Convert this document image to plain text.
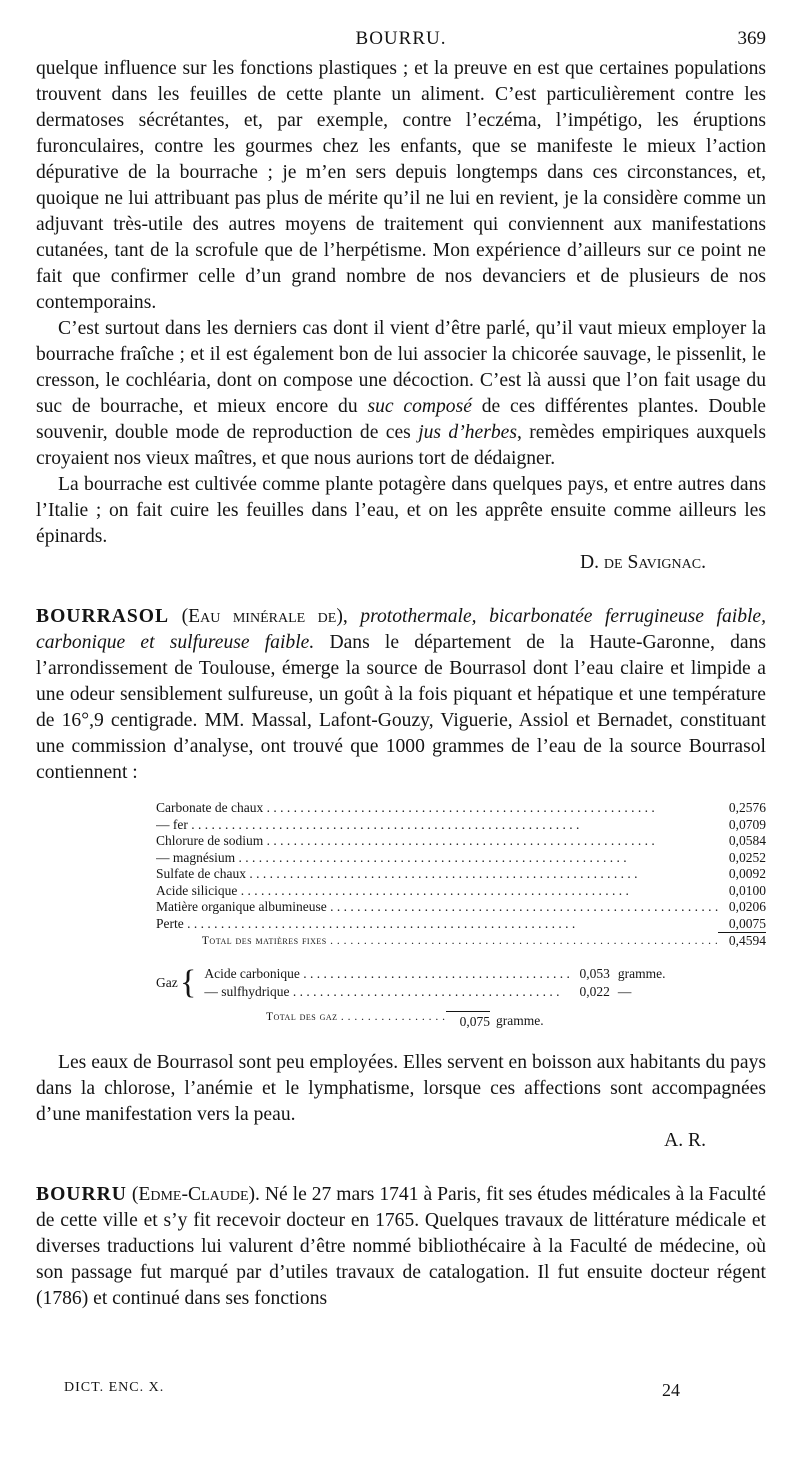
BOURRU.	369

quelque influence sur les fonctions plastiques ; et la preuve en est que certaines populations trouvent dans les feuilles de cette plante un aliment. C’est particulièrement contre les dermatoses sécrétantes, et, par exemple, contre l’eczéma, l’impétigo, les éruptions furonculaires, contre les gourmes chez les enfants, que se manifeste le mieux l’action dépurative de la bourrache ; je m’en sers depuis longtemps dans ces circonstances, et, quoique ne lui attribuant pas plus de mérite qu’il ne lui en revient, je la considère comme un adjuvant très-utile des autres moyens de traitement qui conviennent aux manifestations cutanées, tant de la scrofule que de l’herpétisme. Mon expérience d’ailleurs sur ce point ne fait que confirmer celle d’un grand nombre de nos devanciers et de plusieurs de nos contemporains.

C’est surtout dans les derniers cas dont il vient d’être parlé, qu’il vaut mieux employer la bourrache fraîche ; et il est également bon de lui associer la chicorée sauvage, le pissenlit, le cresson, le cochléaria, dont on compose une décoction. C’est là aussi que l’on fait usage du suc de bourrache, et mieux encore du suc composé de ces différentes plantes. Double souvenir, double mode de reproduction de ces jus d’herbes, remèdes empiriques auxquels croyaient nos vieux maîtres, et que nous aurions tort de dédaigner.

La bourrache est cultivée comme plante potagère dans quelques pays, et entre autres dans l’Italie ; on fait cuire les feuilles dans l’eau, et on les apprête ensuite comme ailleurs les épinards.

D. de Savignac.

BOURRASOL (Eau minérale de), protothermale, bicarbonatée ferrugineuse faible, carbonique et sulfureuse faible. Dans le département de la Haute-Garonne, dans l’arrondissement de Toulouse, émerge la source de Bourrasol dont l’eau claire et limpide a une odeur sensiblement sulfureuse, un goût à la fois piquant et hépatique et une température de 16°,9 centigrade. MM. Massal, Lafont-Gouzy, Viguerie, Assiol et Bernadet, constituant une commission d’analyse, ont trouvé que 1000 grammes de l’eau de la source Bourrasol contiennent :

Carbonate de chaux . . .	0,2576
— fer . . .	0,0709
Chlorure de sodium . . .	0,0584
— magnésium . . .	0,0252
Sulfate de chaux . . .	0,0092
Acide silicique . . .	0,0100
Matière organique albumineuse . . .	0,0206
Perte . . .	0,0075
Total des matières fixes . . .	0,4594
Gaz { Acide carbonique . . .	0,053	gramme.
— sulfhydrique . . .	0,022	—
Total des gaz . . .	0,075 gramme.

Les eaux de Bourrasol sont peu employées. Elles servent en boisson aux habitants du pays dans la chlorose, l’anémie et le lymphatisme, lorsque ces affections sont accompagnées d’une manifestation vers la peau.

A. R.

BOURRU (Edme-Claude). Né le 27 mars 1741 à Paris, fit ses études médicales à la Faculté de cette ville et s’y fit recevoir docteur en 1765. Quelques travaux de littérature médicale et diverses traductions lui valurent d’être nommé bibliothécaire à la Faculté de médecine, où son passage fut marqué par d’utiles travaux de catalogation. Il fut ensuite docteur régent (1786) et continué dans ses fonctions

DICT. ENC. X.	24
